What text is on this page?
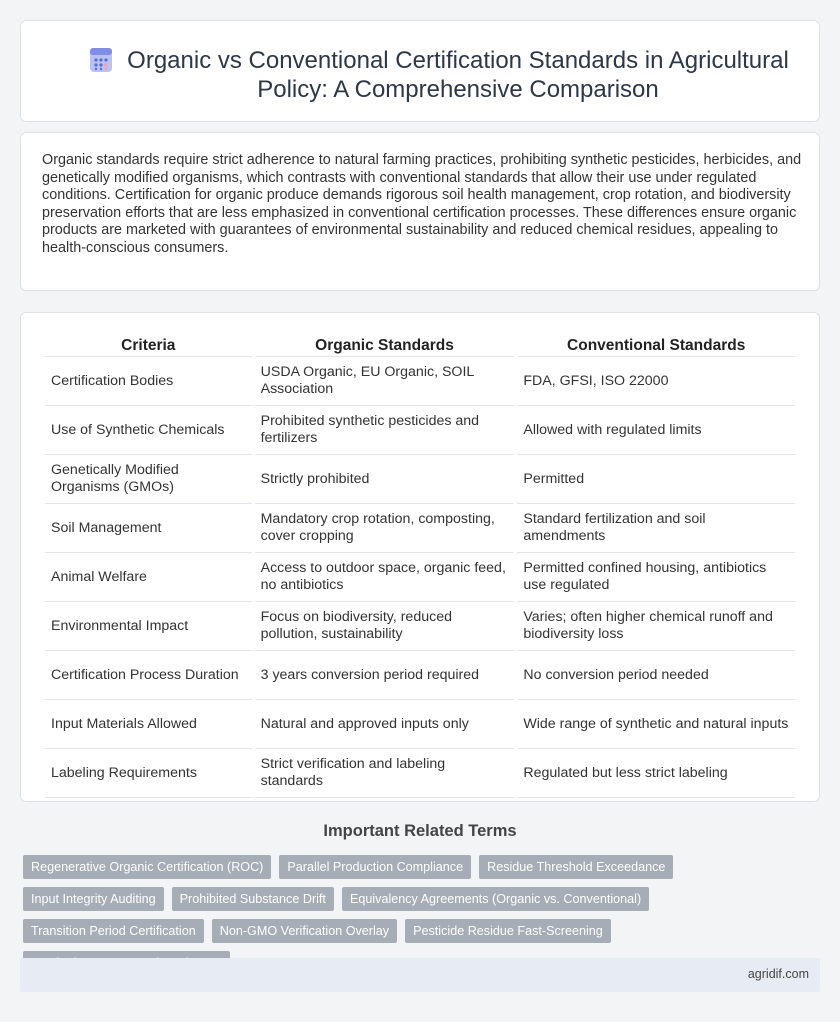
Organic vs Conventional Certification Standards in Agricultural Policy: A Comprehensive Comparison

Organic standards require strict adherence to natural farming practices, prohibiting synthetic pesticides, herbicides, and genetically modified organisms, which contrasts with conventional standards that allow their use under regulated conditions. Certification for organic produce demands rigorous soil health management, crop rotation, and biodiversity preservation efforts that are less emphasized in conventional certification processes. These differences ensure organic products are marketed with guarantees of environmental sustainability and reduced chemical residues, appealing to health-conscious consumers.

Criteria	Organic Standards	Conventional Standards
Certification Bodies	USDA Organic, EU Organic, SOIL Association	FDA, GFSI, ISO 22000
Use of Synthetic Chemicals	Prohibited synthetic pesticides and fertilizers	Allowed with regulated limits
Genetically Modified Organisms (GMOs)	Strictly prohibited	Permitted
Soil Management	Mandatory crop rotation, composting, cover cropping	Standard fertilization and soil amendments
Animal Welfare	Access to outdoor space, organic feed, no antibiotics	Permitted confined housing, antibiotics use regulated
Environmental Impact	Focus on biodiversity, reduced pollution, sustainability	Varies; often higher chemical runoff and biodiversity loss
Certification Process Duration	3 years conversion period required	No conversion period needed
Input Materials Allowed	Natural and approved inputs only	Wide range of synthetic and natural inputs
Labeling Requirements	Strict verification and labeling standards	Regulated but less strict labeling
Important Related Terms
Regenerative Organic Certification (ROC)	Parallel Production Compliance	Residue Threshold Exceedance
Input Integrity Auditing	Prohibited Substance Drift	Equivalency Agreements (Organic vs. Conventional)
Transition Period Certification	Non-GMO Verification Overlay	Pesticide Residue Fast-Screening
agridif.com
